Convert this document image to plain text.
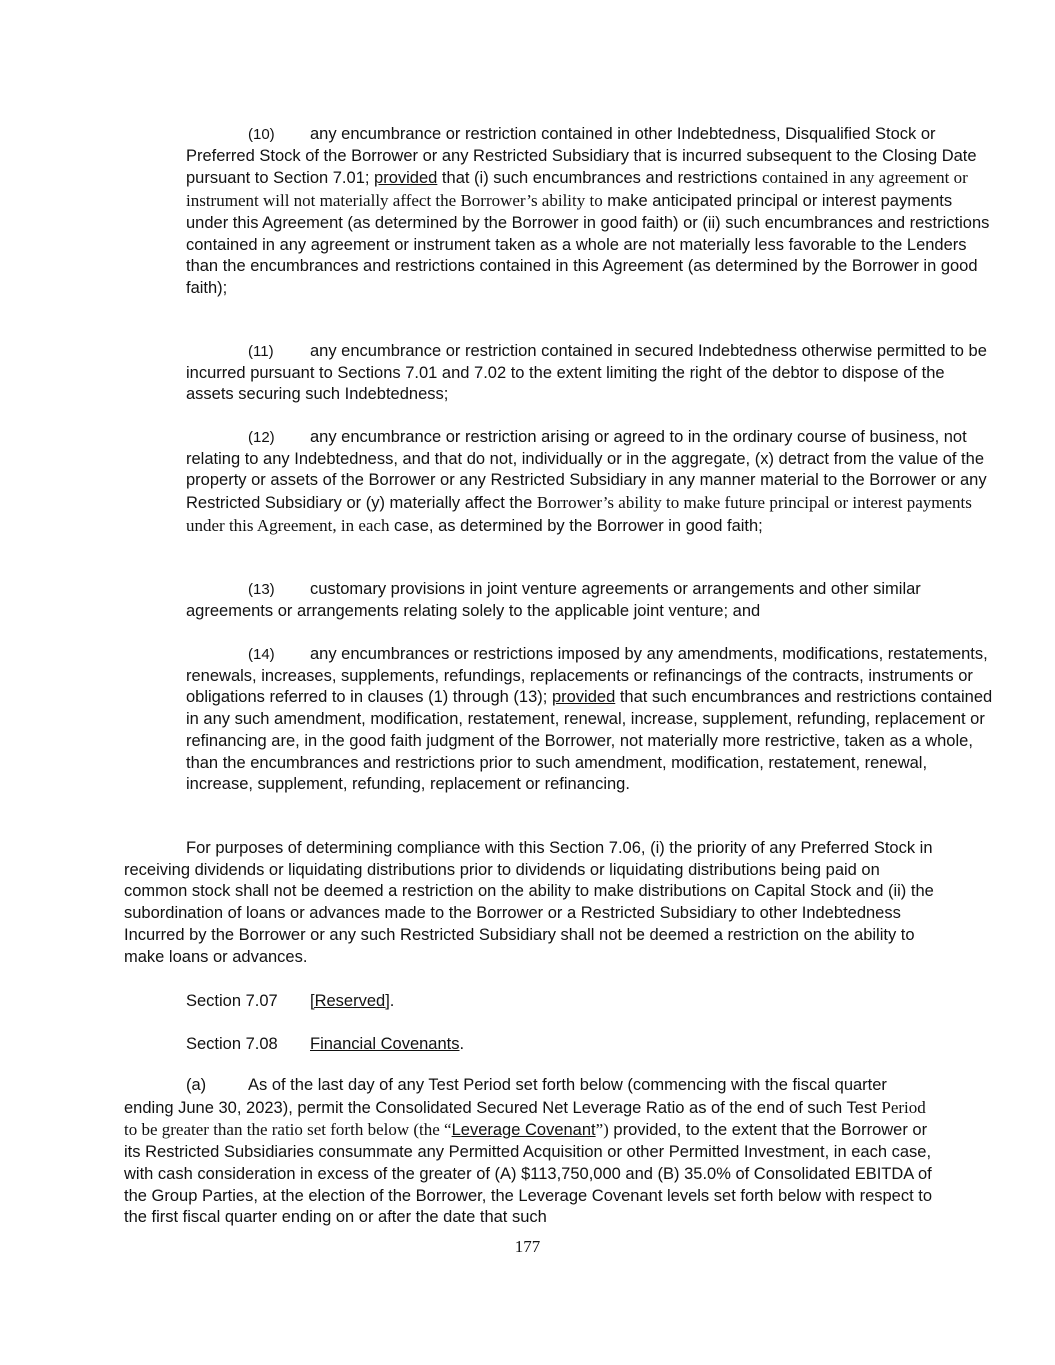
(10) any encumbrance or restriction contained in other Indebtedness, Disqualified Stock or Preferred Stock of the Borrower or any Restricted Subsidiary that is incurred subsequent to the Closing Date pursuant to Section 7.01; provided that (i) such encumbrances and restrictions contained in any agreement or instrument will not materially affect the Borrower’s ability to make anticipated principal or interest payments under this Agreement (as determined by the Borrower in good faith) or (ii) such encumbrances and restrictions contained in any agreement or instrument taken as a whole are not materially less favorable to the Lenders than the encumbrances and restrictions contained in this Agreement (as determined by the Borrower in good faith);

(11) any encumbrance or restriction contained in secured Indebtedness otherwise permitted to be incurred pursuant to Sections 7.01 and 7.02 to the extent limiting the right of the debtor to dispose of the assets securing such Indebtedness;

(12) any encumbrance or restriction arising or agreed to in the ordinary course of business, not relating to any Indebtedness, and that do not, individually or in the aggregate, (x) detract from the value of the property or assets of the Borrower or any Restricted Subsidiary in any manner material to the Borrower or any Restricted Subsidiary or (y) materially affect the Borrower’s ability to make future principal or interest payments under this Agreement, in each case, as determined by the Borrower in good faith;

(13) customary provisions in joint venture agreements or arrangements and other similar agreements or arrangements relating solely to the applicable joint venture; and

(14) any encumbrances or restrictions imposed by any amendments, modifications, restatements, renewals, increases, supplements, refundings, replacements or refinancings of the contracts, instruments or obligations referred to in clauses (1) through (13); provided that such encumbrances and restrictions contained in any such amendment, modification, restatement, renewal, increase, supplement, refunding, replacement or refinancing are, in the good faith judgment of the Borrower, not materially more restrictive, taken as a whole, than the encumbrances and restrictions prior to such amendment, modification, restatement, renewal, increase, supplement, refunding, replacement or refinancing.

For purposes of determining compliance with this Section 7.06, (i) the priority of any Preferred Stock in receiving dividends or liquidating distributions prior to dividends or liquidating distributions being paid on common stock shall not be deemed a restriction on the ability to make distributions on Capital Stock and (ii) the subordination of loans or advances made to the Borrower or a Restricted Subsidiary to other Indebtedness Incurred by the Borrower or any such Restricted Subsidiary shall not be deemed a restriction on the ability to make loans or advances.

Section 7.07 [Reserved].
Section 7.08 Financial Covenants.

(a)	As of the last day of any Test Period set forth below (commencing with the fiscal quarter ending June 30, 2023), permit the Consolidated Secured Net Leverage Ratio as of the end of such Test Period to be greater than the ratio set forth below (the “Leverage Covenant”) provided, to the extent that the Borrower or its Restricted Subsidiaries consummate any Permitted Acquisition or other Permitted Investment, in each case, with cash consideration in excess of the greater of (A) $113,750,000 and (B) 35.0% of Consolidated EBITDA of the Group Parties, at the election of the Borrower, the Leverage Covenant levels set forth below with respect to the first fiscal quarter ending on or after the date that such

177
